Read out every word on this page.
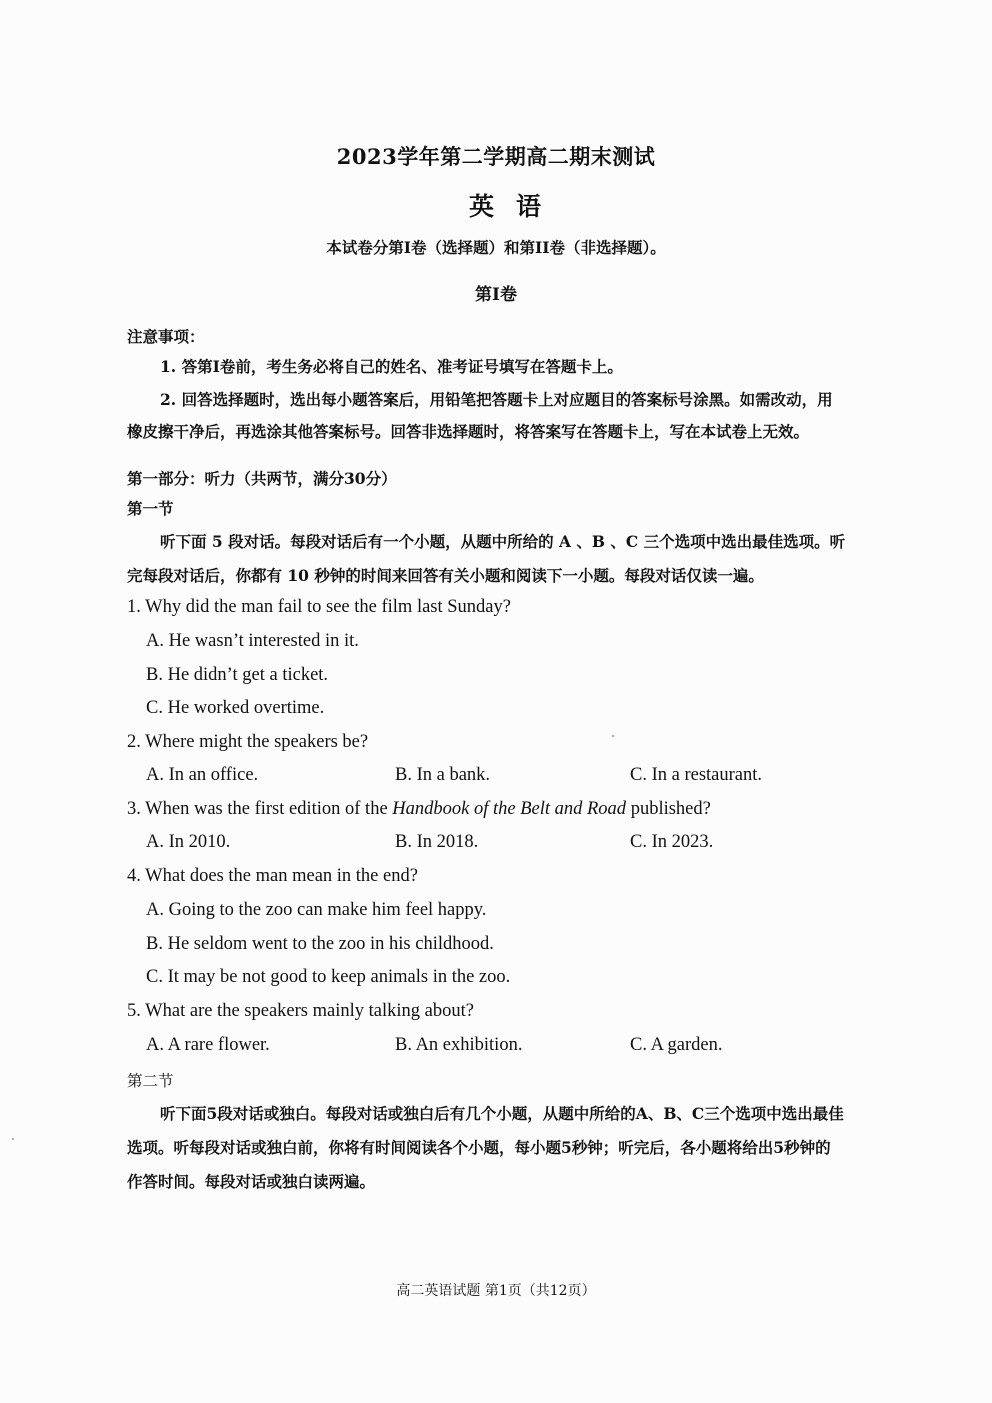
2023学年第二学期高二期末测试
英语
本试卷分第I卷（选择题）和第II卷（非选择题）。
第I卷
注意事项：
1. 答第I卷前，考生务必将自己的姓名、准考证号填写在答题卡上。
2. 回答选择题时，选出每小题答案后，用铅笔把答题卡上对应题目的答案标号涂黑。如需改动，用
橡皮擦干净后，再选涂其他答案标号。回答非选择题时，将答案写在答题卡上，写在本试卷上无效。
第一部分：听力（共两节，满分30分）
第一节
听下面 5 段对话。每段对话后有一个小题，从题中所给的 A 、B 、C 三个选项中选出最佳选项。听
完每段对话后，你都有 10 秒钟的时间来回答有关小题和阅读下一小题。每段对话仅读一遍。
1. Why did the man fail to see the film last Sunday?
A. He wasn’t interested in it.
B. He didn’t get a ticket.
C. He worked overtime.
2. Where might the speakers be?
A. In an office.	B. In a bank.	C. In a restaurant.
3. When was the first edition of the Handbook of the Belt and Road published?
A. In 2010.	B. In 2018.	C. In 2023.
4. What does the man mean in the end?
A. Going to the zoo can make him feel happy.
B. He seldom went to the zoo in his childhood.
C. It may be not good to keep animals in the zoo.
5. What are the speakers mainly talking about?
A. A rare flower.	B. An exhibition.	C. A garden.
第二节
听下面5段对话或独白。每段对话或独白后有几个小题，从题中所给的A、B、C三个选项中选出最佳
选项。听每段对话或独白前，你将有时间阅读各个小题，每小题5秒钟；听完后，各小题将给出5秒钟的
作答时间。每段对话或独白读两遍。
高二英语试题 第1页（共12页）
